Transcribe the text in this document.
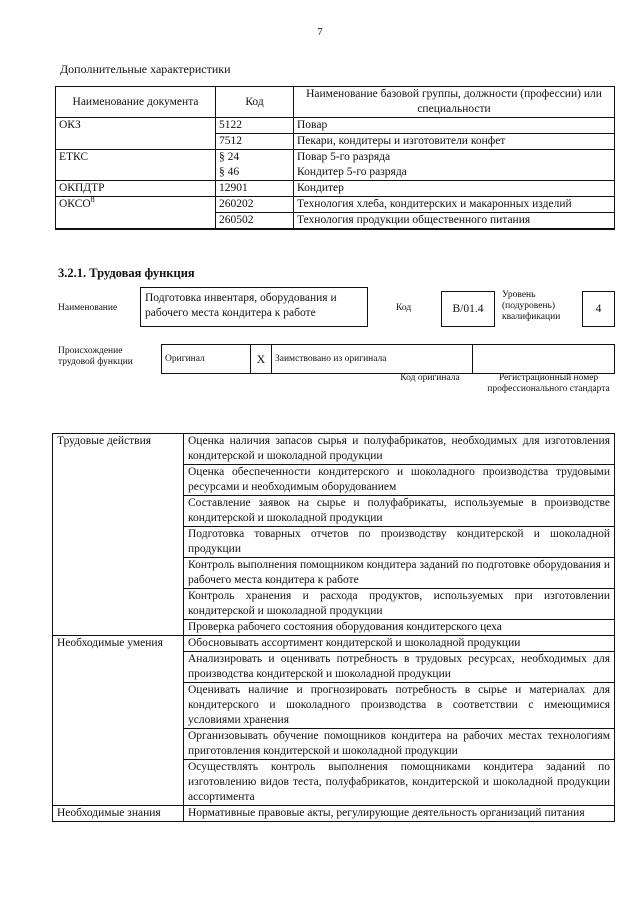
7
Дополнительные характеристики
Наименование документа	Код	Наименование базовой группы, должности (профессии) или специальности
ОКЗ	5122	Повар
	7512	Пекари, кондитеры и изготовители конфет
ЕТКС	§ 24	Повар 5-го разряда
	§ 46	Кондитер 5-го разряда
ОКПДТР	12901	Кондитер
ОКСО$^8$	260202	Технология хлеба, кондитерских и макаронных изделий
	260502	Технология продукции общественного питания
3.2.1. Трудовая функция
Наименование
Подготовка инвентаря, оборудования и рабочего места кондитера к работе	Код	В/01.4
Уровень (подуровень) квалификации
4
Происхождение трудовой функции	Оригинал	X	Заимствовано из оригинала	
Код оригинала	Регистрационный номер профессионального стандарта
Трудовые действия	Оценка наличия запасов сырья и полуфабрикатов, необходимых для изготовления кондитерской и шоколадной продукции
	Оценка обеспеченности кондитерского и шоколадного производства трудовыми ресурсами и необходимым оборудованием
	Составление заявок на сырье и полуфабрикаты, используемые в производстве кондитерской и шоколадной продукции
	Подготовка товарных отчетов по производству кондитерской и шоколадной продукции
	Контроль выполнения помощником кондитера заданий по подготовке оборудования и рабочего места кондитера к работе
	Контроль хранения и расхода продуктов, используемых при изготовлении кондитерской и шоколадной продукции
	Проверка рабочего состояния оборудования кондитерского цеха
Необходимые умения	Обосновывать ассортимент кондитерской и шоколадной продукции
	Анализировать и оценивать потребность в трудовых ресурсах, необходимых для производства кондитерской и шоколадной продукции
	Оценивать наличие и прогнозировать потребность в сырье и материалах для кондитерского и шоколадного производства в соответствии с имеющимися условиями хранения
	Организовывать обучение помощников кондитера на рабочих местах технологиям приготовления кондитерской и шоколадной продукции
	Осуществлять контроль выполнения помощниками кондитера заданий по изготовлению видов теста, полуфабрикатов, кондитерской и шоколадной продукции ассортимента
Необходимые знания	Нормативные правовые акты, регулирующие деятельность организаций питания
